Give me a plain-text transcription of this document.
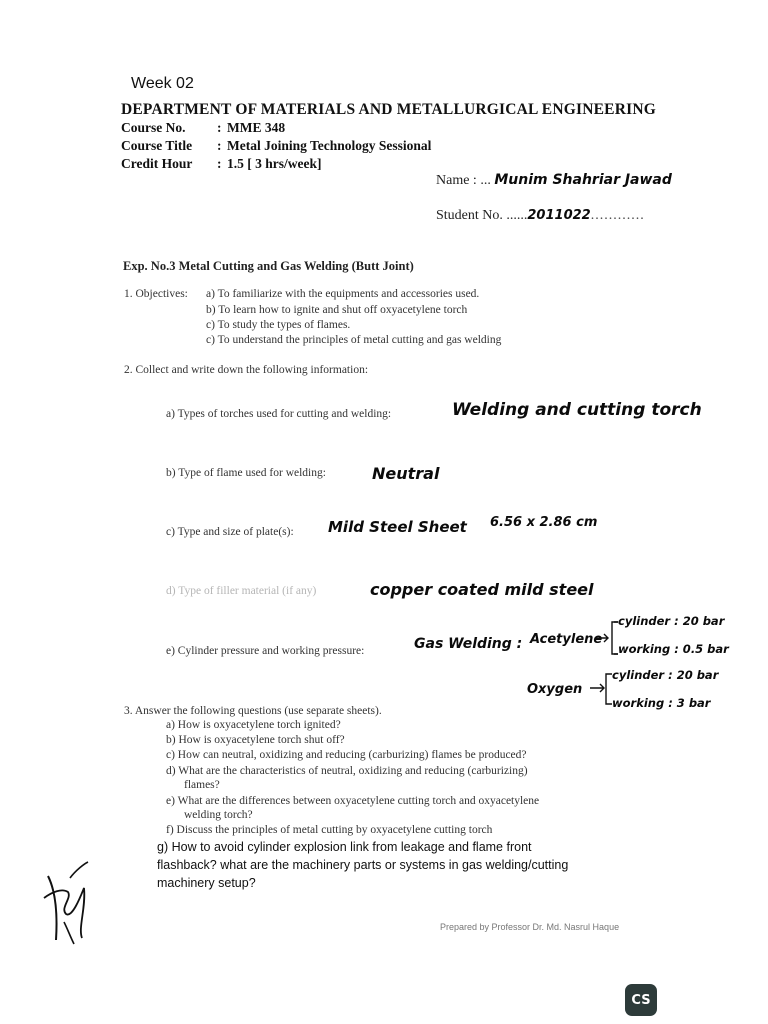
Week 02
DEPARTMENT OF MATERIALS AND METALLURGICAL ENGINEERING
Course No. : MME 348
Course Title : Metal Joining Technology Sessional
Credit Hour : 1.5 [ 3 hrs/week]
Name : ... Munim Shahriar Jawad
Student No. ......2011022............
Exp. No.3 Metal Cutting and Gas Welding (Butt Joint)
1. Objectives: a) To familiarize with the equipments and accessories used.
b) To learn how to ignite and shut off oxyacetylene torch
c) To study the types of flames.
c) To understand the principles of metal cutting and gas welding
2. Collect and write down the following information:
a) Types of torches used for cutting and welding:	Welding and cutting torch
b) Type of flame used for welding:	Neutral
c) Type and size of plate(s): Mild Steel Sheet 6.56 x 2.86 cm
d) Type of filler material (if any)	copper coated mild steel
e) Cylinder pressure and working pressure:	Gas Welding : Acetylene
cylinder : 20 bar
working : 0.5 bar
Oxygen
cylinder : 20 bar
working : 3 bar
3. Answer the following questions (use separate sheets).
a) How is oxyacetylene torch ignited?
b) How is oxyacetylene torch shut off?
c) How can neutral, oxidizing and reducing (carburizing) flames be produced?
d) What are the characteristics of neutral, oxidizing and reducing (carburizing)
flames?
e) What are the differences between oxyacetylene cutting torch and oxyacetylene
welding torch?
f) Discuss the principles of metal cutting by oxyacetylene cutting torch
g) How to avoid cylinder explosion link from leakage and flame front
flashback? what are the machinery parts or systems in gas welding/cutting
machinery setup?
Prepared by Professor Dr. Md. Nasrul Haque
CS
